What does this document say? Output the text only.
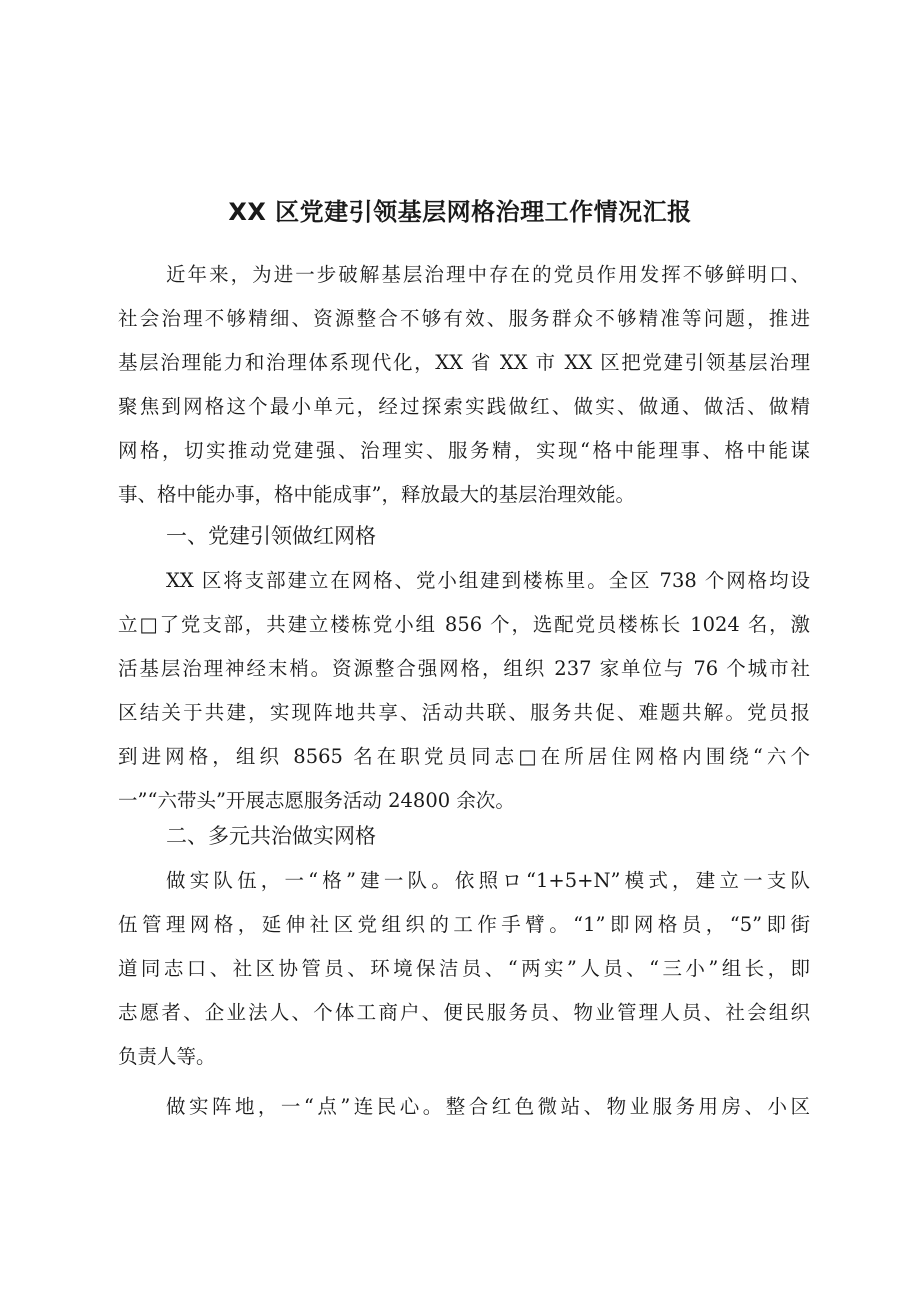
XX 区党建引领基层网格治理工作情况汇报
近年来，为进一步破解基层治理中存在的党员作用发挥不够鲜明口、
社会治理不够精细、资源整合不够有效、服务群众不够精准等问题，推进
基层治理能力和治理体系现代化，XX 省 XX 市 XX 区把党建引领基层治理
聚焦到网格这个最小单元，经过探索实践做红、做实、做通、做活、做精
网格，切实推动党建强、治理实、服务精，实现“格中能理事、格中能谋
事、格中能办事，格中能成事”，释放最大的基层治理效能。
一、党建引领做红网格
XX 区将支部建立在网格、党小组建到楼栋里。全区 738 个网格均设
立□了党支部，共建立楼栋党小组 856 个，选配党员楼栋长 1024 名，激
活基层治理神经末梢。资源整合强网格，组织 237 家单位与 76 个城市社
区结关于共建，实现阵地共享、活动共联、服务共促、难题共解。党员报
到进网格，组织 8565 名在职党员同志□在所居住网格内围绕“六个
一”“六带头”开展志愿服务活动 24800 余次。
二、多元共治做实网格
做实队伍，一“格”建一队。依照ロ“1+5+N”模式，建立一支队
伍管理网格，延伸社区党组织的工作手臂。“1”即网格员，“5”即街
道同志口、社区协管员、环境保洁员、“两实”人员、“三小”组长，即
志愿者、企业法人、个体工商户、便民服务员、物业管理人员、社会组织
负责人等。
做实阵地，一“点”连民心。整合红色微站、物业服务用房、小区
